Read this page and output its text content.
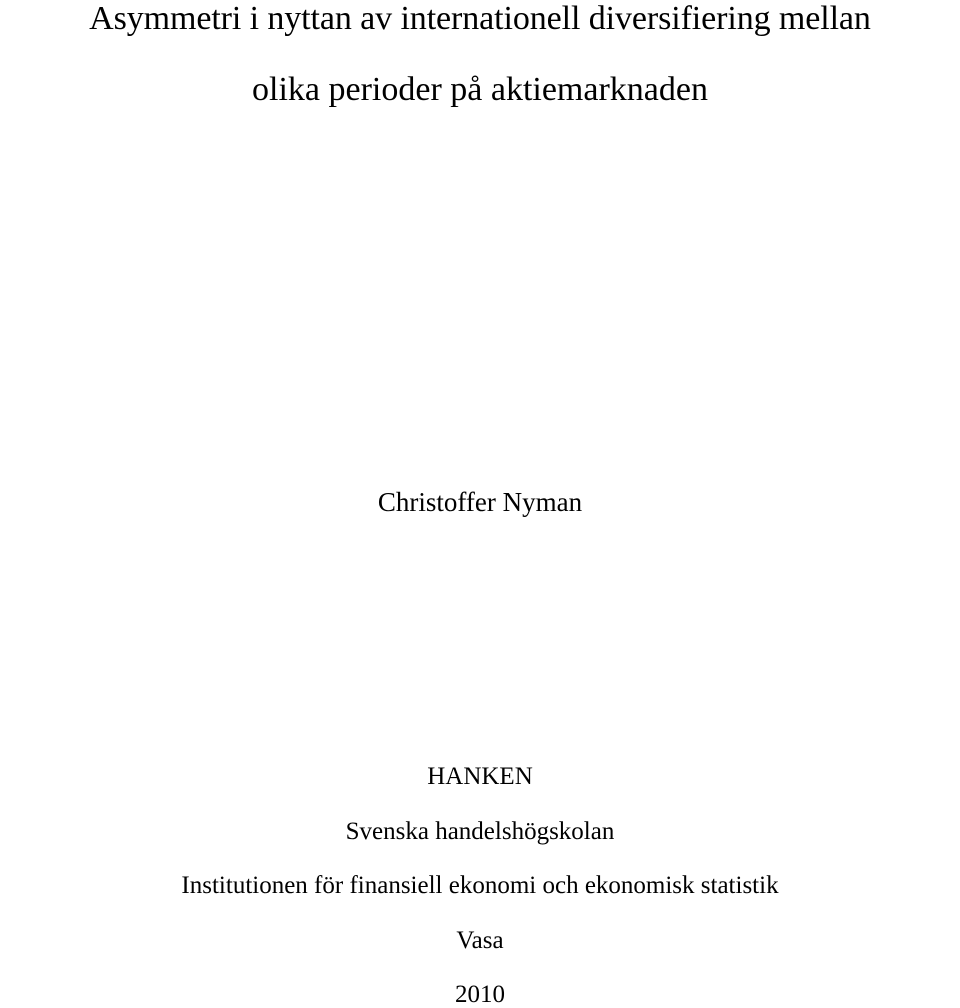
Asymmetri i nyttan av internationell diversifiering mellan
olika perioder på aktiemarknaden
Christoffer Nyman
HANKEN
Svenska handelshögskolan
Institutionen för finansiell ekonomi och ekonomisk statistik
Vasa
2010
